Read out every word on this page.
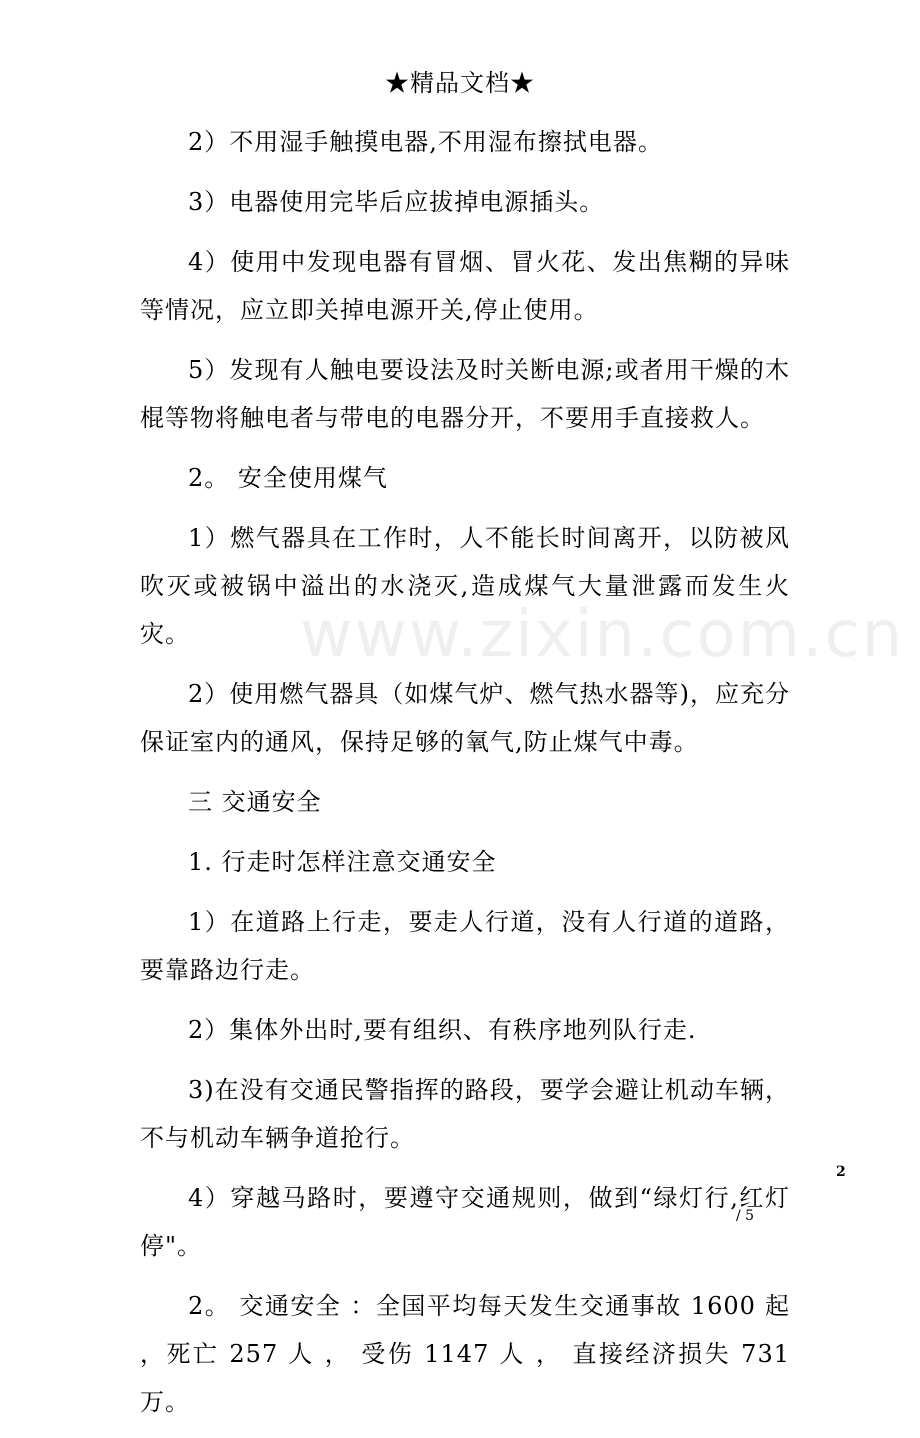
★精品文档★

2）不用湿手触摸电器,不用湿布擦拭电器。

3）电器使用完毕后应拔掉电源插头。

4）使用中发现电器有冒烟、冒火花、发出焦糊的异味等情况，应立即关掉电源开关,停止使用。

5）发现有人触电要设法及时关断电源;或者用干燥的木棍等物将触电者与带电的电器分开，不要用手直接救人。

2。 安全使用煤气

1）燃气器具在工作时，人不能长时间离开，以防被风吹灭或被锅中溢出的水浇灭,造成煤气大量泄露而发生火灾。

2）使用燃气器具（如煤气炉、燃气热水器等)，应充分保证室内的通风，保持足够的氧气,防止煤气中毒。

三 交通安全

1. 行走时怎样注意交通安全

1）在道路上行走，要走人行道，没有人行道的道路，要靠路边行走。

2）集体外出时,要有组织、有秩序地列队行走.

3)在没有交通民警指挥的路段，要学会避让机动车辆，不与机动车辆争道抢行。

4）穿越马路时，要遵守交通规则，做到“绿灯行,红灯停"。

2。 交通安全 ：全国平均每天发生交通事故 1600 起 ，死亡 257 人 ， 受伤 1147 人 ， 直接经济损失 731 万。

www.zixin.com.cn
2
/ 5
